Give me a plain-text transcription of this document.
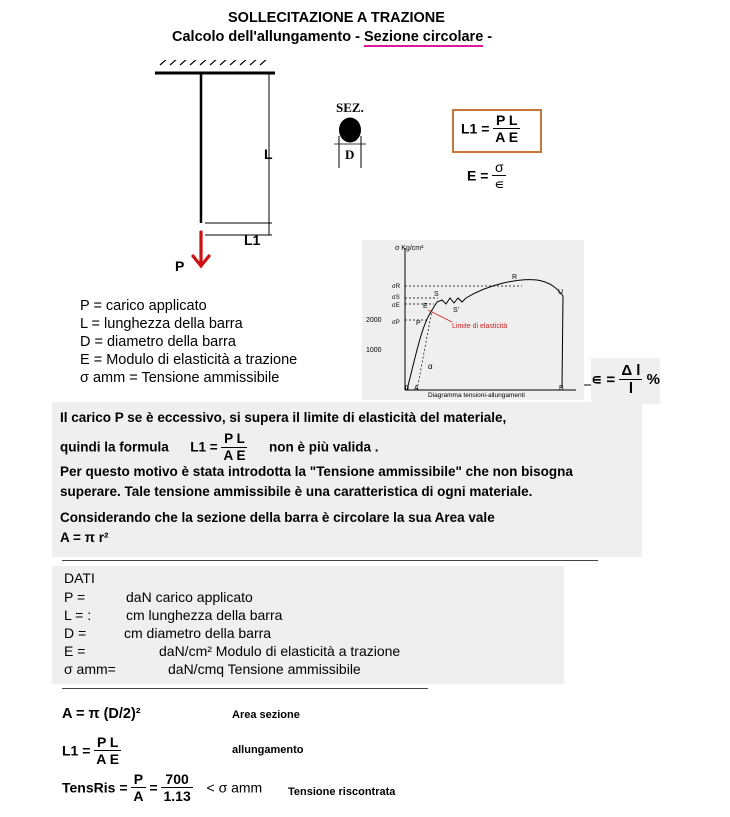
SOLLECITAZIONE A TRAZIONE
Calcolo dell'allungamento - Sezione circolare -
L
L1
P
SEZ.
D
$L1 = \frac{\text{P L}}{\text{A E}}$
$E = \frac{\sigma}{∊}$
σ Kg/cm²
2000
1000
σR
σS
σE
σP
R
S
S'
U
E
P
α
0 A	B
Limite di elasticità
Diagramma tensioni-allungamenti
∊ = $\frac{\text{Δ l}}{l}$ %
P = carico applicato
L = lunghezza della barra
D = diametro della barra
E = Modulo di elasticità a trazione
σ amm = Tensione ammissibile
Il carico P se è eccessivo, si supera il limite di elasticità del materiale,
quindi la formula $L1 = \frac{\text{P L}}{\text{A E}}$ non è più valida .
Per questo motivo è stata introdotta la "Tensione ammissibile" che non bisogna
superare. Tale tensione ammissibile è una caratteristica di ogni materiale.
Considerando che la sezione della barra è circolare la sua Area vale
A = π r²
DATI
P =	daN carico applicato
L = : cm lunghezza della barra
D =	cm diametro della barra
E =	daN/cm² Modulo di elasticità a trazione
σ amm=	daN/cmq Tensione ammissibile
A = π (D/2)²	Area sezione
$L1 = \frac{\text{P L}}{\text{A E}}$	allungamento
TensRis = $\frac{P}{A} = \frac{700}{1.13} < \sigma$ amm Tensione riscontrata
